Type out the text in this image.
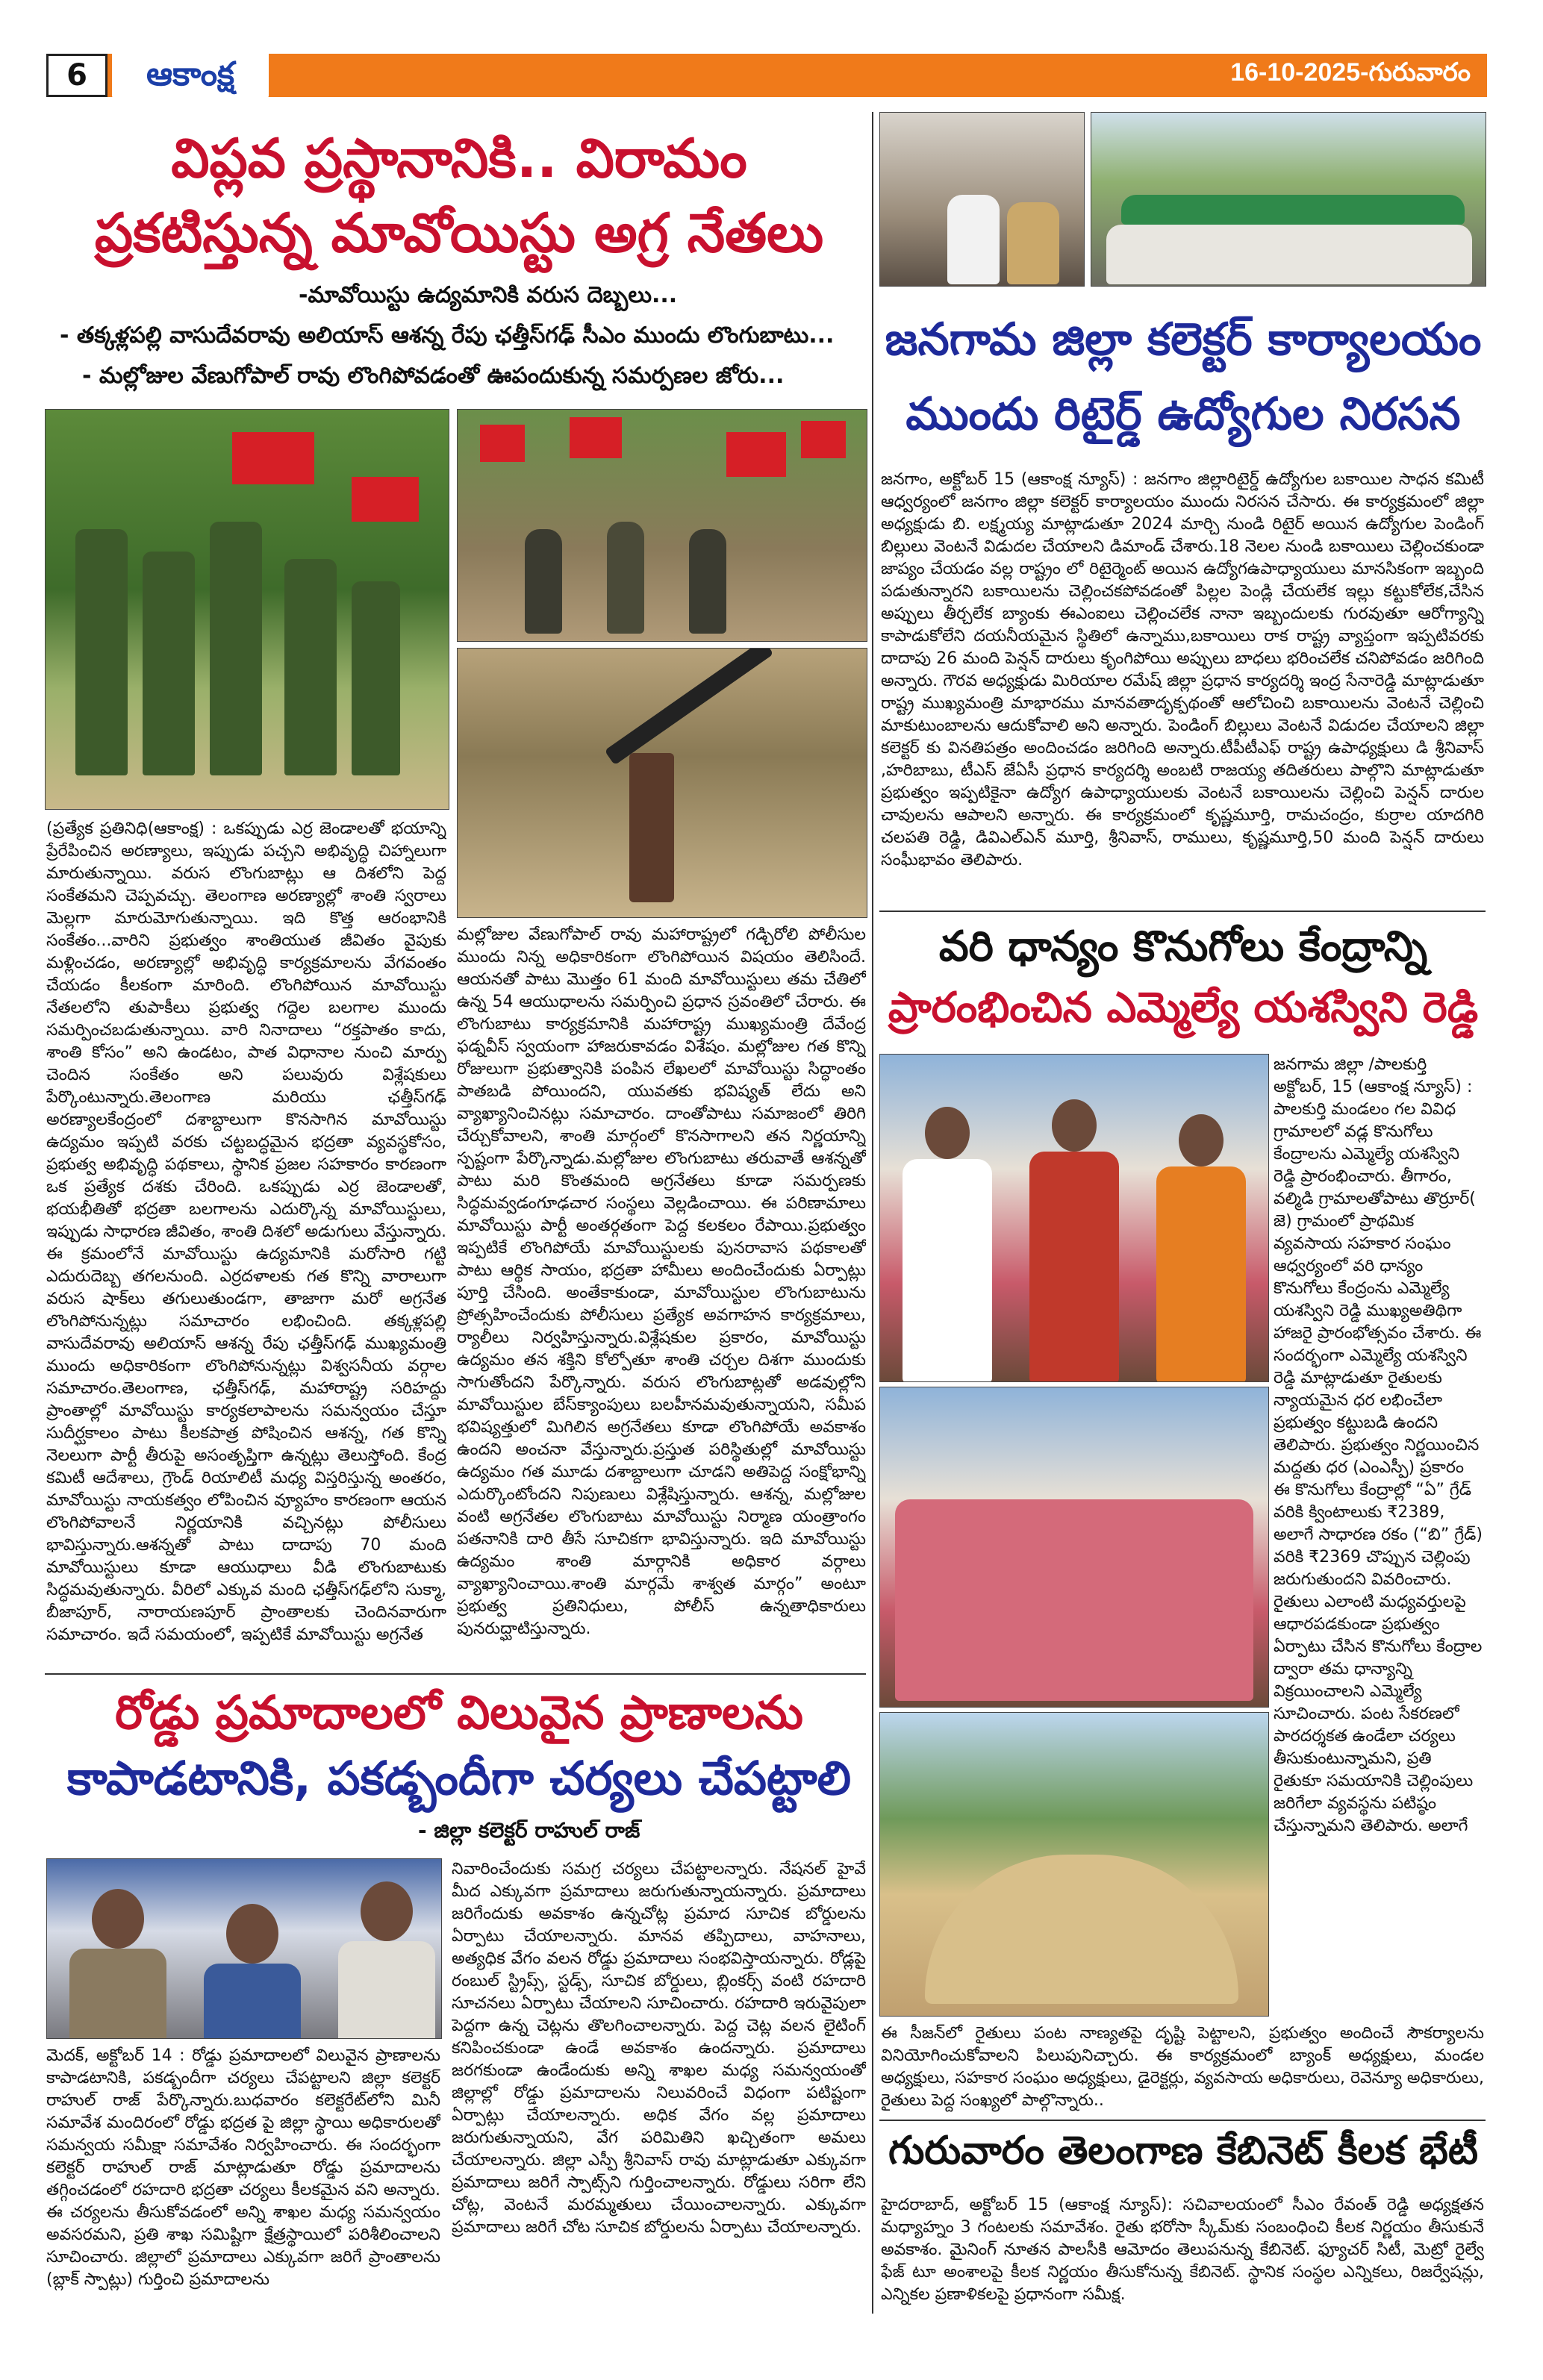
6	ఆకాంక్ష	16-10-2025-గురువారం
విప్లవ ప్రస్థానానికి.. విరామం
ప్రకటిస్తున్న మావోయిస్టు అగ్ర నేతలు
-మావోయిస్టు ఉద్యమానికి వరుస దెబ్బలు...
- తక్కళ్లపల్లి వాసుదేవరావు అలియాస్ ఆశన్న రేపు ఛత్తీస్‌గఢ్ సీఎం ముందు లొంగుబాటు...
- మల్లోజుల వేణుగోపాల్ రావు లొంగిపోవడంతో ఊపందుకున్న సమర్పణల జోరు...
(ప్రత్యేక ప్రతినిధి(ఆకాంక్ష) : ఒకప్పుడు ఎర్ర జెండాలతో భయాన్ని ప్రేరేపించిన అరణ్యాలు, ఇప్పుడు పచ్చని అభివృద్ధి చిహ్నాలుగా మారుతున్నాయి. వరుస లొంగుబాట్లు ఆ దిశలోని పెద్ద సంకేతమని చెప్పవచ్చు. తెలంగాణ అరణ్యాల్లో శాంతి స్వరాలు మెల్లగా మారుమోగుతున్నాయి. ఇది కొత్త ఆరంభానికి సంకేతం...వారిని ప్రభుత్వం శాంతియుత జీవితం వైపుకు మళ్లించడం, అరణ్యాల్లో అభివృద్ధి కార్యక్రమాలను వేగవంతం చేయడం కీలకంగా మారింది. లొంగిపోయిన మావోయిస్టు నేతలలోని తుపాకీలు ప్రభుత్వ గద్దెల బలగాల ముందు సమర్పించబడుతున్నాయి. వారి నినాదాలు “రక్తపాతం కాదు, శాంతి కోసం” అని ఉండటం, పాత విధానాల నుంచి మార్పు చెందిన సంకేతం అని పలువురు విశ్లేషకులు పేర్కొంటున్నారు.తెలంగాణ మరియు ఛత్తీస్‌గఢ్ అరణ్యాలకేంద్రంలో దశాబ్దాలుగా కొనసాగిన మావోయిస్టు ఉద్యమం ఇప్పటి వరకు చట్టబద్ధమైన భద్రతా వ్యవస్థకోసం, ప్రభుత్వ అభివృద్ధి పథకాలు, స్థానిక ప్రజల సహకారం కారణంగా ఒక ప్రత్యేక దశకు చేరింది. ఒకప్పుడు ఎర్ర జెండాలతో, భయభీతితో భద్రతా బలగాలను ఎదుర్కొన్న మావోయిస్టులు, ఇప్పుడు సాధారణ జీవితం, శాంతి దిశలో అడుగులు వేస్తున్నారు. ఈ క్రమంలోనే మావోయిస్టు ఉద్యమానికి మరోసారి గట్టి ఎదురుదెబ్బ తగలనుంది. ఎర్రదళాలకు గత కొన్ని వారాలుగా వరుస షాక్‌లు తగులుతుండగా, తాజాగా మరో అగ్రనేత లొంగిపోనున్నట్లు సమాచారం లభించింది. తక్కళ్లపల్లి వాసుదేవరావు అలియాస్ ఆశన్న రేపు ఛత్తీస్‌గఢ్ ముఖ్యమంత్రి ముందు అధికారికంగా లొంగిపోనున్నట్లు విశ్వసనీయ వర్గాల సమాచారం.తెలంగాణ, ఛత్తీస్‌గఢ్, మహారాష్ట్ర సరిహద్దు ప్రాంతాల్లో మావోయిస్టు కార్యకలాపాలను సమన్వయం చేస్తూ సుదీర్ఘకాలం పాటు కీలకపాత్ర పోషించిన ఆశన్న, గత కొన్ని నెలలుగా పార్టీ తీరుపై అసంతృప్తిగా ఉన్నట్లు తెలుస్తోంది. కేంద్ర కమిటీ ఆదేశాలు, గ్రౌండ్ రియాలిటీ మధ్య విస్తరిస్తున్న అంతరం, మావోయిస్టు నాయకత్వం లోపించిన వ్యూహం కారణంగా ఆయన లొంగిపోవాలనే నిర్ణయానికి వచ్చినట్లు పోలీసులు భావిస్తున్నారు.ఆశన్నతో పాటు దాదాపు 70 మంది మావోయిస్టులు కూడా ఆయుధాలు వీడి లొంగుబాటుకు సిద్ధమవుతున్నారు. వీరిలో ఎక్కువ మంది ఛత్తీస్‌గఢ్‌లోని సుక్మా, బీజాపూర్, నారాయణపూర్ ప్రాంతాలకు చెందినవారుగా సమాచారం. ఇదే సమయంలో, ఇప్పటికే మావోయిస్టు అగ్రనేత
మల్లోజుల వేణుగోపాల్ రావు మహారాష్ట్రలో గడ్చిరోలి పోలీసుల ముందు నిన్న అధికారికంగా లొంగిపోయిన విషయం తెలిసిందే. ఆయనతో పాటు మొత్తం 61 మంది మావోయిస్టులు తమ చేతిలో ఉన్న 54 ఆయుధాలను సమర్పించి ప్రధాన స్రవంతిలో చేరారు. ఈ లొంగుబాటు కార్యక్రమానికి మహారాష్ట్ర ముఖ్యమంత్రి దేవేంద్ర ఫడ్నవీస్ స్వయంగా హాజరుకావడం విశేషం. మల్లోజుల గత కొన్ని రోజులుగా ప్రభుత్వానికి పంపిన లేఖలలో మావోయిస్టు సిద్ధాంతం పాతబడి పోయిందని, యువతకు భవిష్యత్ లేదు అని వ్యాఖ్యానించినట్లు సమాచారం. దాంతోపాటు సమాజంలో తిరిగి చేర్చుకోవాలని, శాంతి మార్గంలో కొనసాగాలని తన నిర్ణయాన్ని స్పష్టంగా పేర్కొన్నాడు.మల్లోజుల లొంగుబాటు తరువాతే ఆశన్నతో పాటు మరి కొంతమంది అగ్రనేతలు కూడా సమర్పణకు సిద్ధమవ్వడంగూఢచార సంస్థలు వెల్లడించాయి. ఈ పరిణామాలు మావోయిస్టు పార్టీ అంతర్గతంగా పెద్ద కలకలం రేపాయి.ప్రభుత్వం ఇప్పటికే లొంగిపోయే మావోయిస్టులకు పునరావాస పథకాలతో పాటు ఆర్థిక సాయం, భద్రతా హామీలు అందించేందుకు ఏర్పాట్లు పూర్తి చేసింది. అంతేకాకుండా, మావోయిస్టుల లొంగుబాటును ప్రోత్సహించేందుకు పోలీసులు ప్రత్యేక అవగాహన కార్యక్రమాలు, ర్యాలీలు నిర్వహిస్తున్నారు.విశ్లేషకుల ప్రకారం, మావోయిస్టు ఉద్యమం తన శక్తిని కోల్పోతూ శాంతి చర్చల దిశగా ముందుకు సాగుతోందని పేర్కొన్నారు. వరుస లొంగుబాట్లతో అడవుల్లోని మావోయిస్టుల బేస్‌క్యాంపులు బలహీనమవుతున్నాయని, సమీప భవిష్యత్తులో మిగిలిన అగ్రనేతలు కూడా లొంగిపోయే అవకాశం ఉందని అంచనా వేస్తున్నారు.ప్రస్తుత పరిస్థితుల్లో మావోయిస్టు ఉద్యమం గత మూడు దశాబ్దాలుగా చూడని అతిపెద్ద సంక్షోభాన్ని ఎదుర్కొంటోందని నిపుణులు విశ్లేషిస్తున్నారు. ఆశన్న, మల్లోజుల వంటి అగ్రనేతల లొంగుబాటు మావోయిస్టు నిర్మాణ యంత్రాంగం పతనానికి దారి తీసే సూచికగా భావిస్తున్నారు. ఇది మావోయిస్టు ఉద్యమం శాంతి మార్గానికి అధికార వర్గాలు వ్యాఖ్యానించాయి.శాంతి మార్గమే శాశ్వత మార్గం” అంటూ ప్రభుత్వ ప్రతినిధులు, పోలీస్ ఉన్నతాధికారులు పునరుద్ఘాటిస్తున్నారు.
రోడ్డు ప్రమాదాలలో విలువైన ప్రాణాలను
కాపాడటానికి, పకడ్బందీగా చర్యలు చేపట్టాలి
- జిల్లా కలెక్టర్ రాహుల్ రాజ్
మెదక్, అక్టోబర్ 14 : రోడ్డు ప్రమాదాలలో విలువైన ప్రాణాలను కాపాడటానికి, పకడ్బందీగా చర్యలు చేపట్టాలని జిల్లా కలెక్టర్ రాహుల్ రాజ్ పేర్కొన్నారు.బుధవారం కలెక్టరేట్‌లోని మినీ సమావేశ మందిరంలో రోడ్డు భద్రత పై జిల్లా స్థాయి అధికారులతో సమన్వయ సమీక్షా సమావేశం నిర్వహించారు. ఈ సందర్భంగా కలెక్టర్ రాహుల్ రాజ్ మాట్లాడుతూ రోడ్డు ప్రమాదాలను తగ్గించడంలో రహదారి భద్రతా చర్యలు కీలకమైన వని అన్నారు. ఈ చర్యలను తీసుకోవడంలో అన్ని శాఖల మధ్య సమన్వయం అవసరమని, ప్రతి శాఖ సమిష్టిగా క్షేత్రస్థాయిలో పరిశీలించాలని సూచించారు. జిల్లాలో ప్రమాదాలు ఎక్కువగా జరిగే ప్రాంతాలను (బ్లాక్ స్పాట్లు) గుర్తించి ప్రమాదాలను
నివారించేందుకు సమగ్ర చర్యలు చేపట్టాలన్నారు. నేషనల్ హైవే మీద ఎక్కువగా ప్రమాదాలు జరుగుతున్నాయన్నారు. ప్రమాదాలు జరిగేందుకు అవకాశం ఉన్నచోట్ల ప్రమాద సూచిక బోర్డులను ఏర్పాటు చేయాలన్నారు. మానవ తప్పిదాలు, వాహనాలు, అత్యధిక వేగం వలన రోడ్డు ప్రమాదాలు సంభవిస్తాయన్నారు. రోడ్లపై రంబుల్ స్ట్రిప్స్, స్టడ్స్, సూచిక బోర్డులు, బ్లింకర్స్ వంటి రహదారి సూచనలు ఏర్పాటు చేయాలని సూచించారు. రహదారి ఇరువైపులా పెద్దగా ఉన్న చెట్లను తొలగించాలన్నారు. పెద్ద చెట్ల వలన లైటింగ్ కనిపించకుండా ఉండే అవకాశం ఉందన్నారు. ప్రమాదాలు జరగకుండా ఉండేందుకు అన్ని శాఖల మధ్య సమన్వయంతో జిల్లాల్లో రోడ్డు ప్రమాదాలను నిలువరించే విధంగా పటిష్టంగా ఏర్పాట్లు చేయాలన్నారు. అధిక వేగం వల్ల ప్రమాదాలు జరుగుతున్నాయని, వేగ పరిమితిని ఖచ్చితంగా అమలు చేయాలన్నారు. జిల్లా ఎస్పీ శ్రీనివాస్ రావు మాట్లాడుతూ ఎక్కువగా ప్రమాదాలు జరిగే స్పాట్స్‌ని గుర్తించాలన్నారు. రోడ్డులు సరిగా లేని చోట్ల, వెంటనే మరమ్మతులు చేయించాలన్నారు. ఎక్కువగా ప్రమాదాలు జరిగే చోట సూచిక బోర్డులను ఏర్పాటు చేయాలన్నారు.
జనగామ జిల్లా కలెక్టర్ కార్యాలయం
ముందు రిటైర్డ్ ఉద్యోగుల నిరసన
జనగాం, అక్టోబర్ 15 (ఆకాంక్ష న్యూస్) : జనగాం జిల్లారిటైర్డ్ ఉద్యోగుల బకాయిల సాధన కమిటీ ఆధ్వర్యంలో జనగాం జిల్లా కలెక్టర్ కార్యాలయం ముందు నిరసన చేసారు. ఈ కార్యక్రమంలో జిల్లా అధ్యక్షుడు బి. లక్ష్మయ్య మాట్లాడుతూ 2024 మార్చి నుండి రిటైర్ అయిన ఉద్యోగుల పెండింగ్ బిల్లులు వెంటనే విడుదల చేయాలని డిమాండ్ చేశారు.18 నెలల నుండి బకాయిలు చెల్లించకుండా జాప్యం చేయడం వల్ల రాష్ట్రం లో రిటైర్మెంట్ అయిన ఉద్యోగఉపాధ్యాయులు మానసికంగా ఇబ్బంది పడుతున్నారని బకాయిలను చెల్లించకపోవడంతో పిల్లల పెండ్లి చేయలేక ఇల్లు కట్టుకోలేక,చేసిన అప్పులు తీర్చలేక బ్యాంకు ఈఎంఐలు చెల్లించలేక నానా ఇబ్బందులకు గురవుతూ ఆరోగ్యాన్ని కాపాడుకోలేని దయనీయమైన స్థితిలో ఉన్నాము,బకాయిలు రాక రాష్ట్ర వ్యాప్తంగా ఇప్పటివరకు దాదాపు 26 మంది పెన్షన్ దారులు కృంగిపోయి అప్పులు బాధలు భరించలేక చనిపోవడం జరిగింది అన్నారు. గౌరవ అధ్యక్షుడు మిరియాల రమేష్ జిల్లా ప్రధాన కార్యదర్శి ఇంద్ర సేనారెడ్డి మాట్లాడుతూ రాష్ట్ర ముఖ్యమంత్రి మాభారము మానవతాదృక్పథంతో ఆలోచించి బకాయిలను వెంటనే చెల్లించి మాకుటుంబాలను ఆదుకోవాలి అని అన్నారు. పెండింగ్ బిల్లులు వెంటనే విడుదల చేయాలని జిల్లా కలెక్టర్ కు వినతిపత్రం అందించడం జరిగింది అన్నారు.టీపీటీఎఫ్ రాష్ట్ర ఉపాధ్యక్షులు డి శ్రీనివాస్ ,హరిబాబు, టీఎస్ జేఏసీ ప్రధాన కార్యదర్శి అంబటి రాజయ్య తదితరులు పాల్గొని మాట్లాడుతూ ప్రభుత్వం ఇప్పటికైనా ఉద్యోగ ఉపాధ్యాయులకు వెంటనే బకాయిలను చెల్లించి పెన్షన్ దారుల చావులను ఆపాలని అన్నారు. ఈ కార్యక్రమంలో కృష్ణమూర్తి, రామచంద్రం, కుర్రాల యాదగిరి చలపతి రెడ్డి, డివిఎల్ఎన్ మూర్తి, శ్రీనివాస్, రాములు, కృష్ణమూర్తి,50 మంది పెన్షన్ దారులు సంఘీభావం తెలిపారు.
వరి ధాన్యం కొనుగోలు కేంద్రాన్ని
ప్రారంభించిన ఎమ్మెల్యే యశస్విని రెడ్డి
జనగామ జిల్లా /పాలకుర్తి అక్టోబర్, 15 (ఆకాంక్ష న్యూస్) : పాలకుర్తి మండలం గల వివిధ గ్రామాలలో వడ్ల కొనుగోలు కేంద్రాలను ఎమ్మెల్యే యశస్విని రెడ్డి ప్రారంభించారు. తీగారం, వల్మిడి గ్రామాలతోపాటు తొర్రూర్( జె) గ్రామంలో ప్రాథమిక వ్యవసాయ సహకార సంఘం ఆధ్వర్యంలో వరి ధాన్యం కొనుగోలు కేంద్రంను ఎమ్మెల్యే యశస్విని రెడ్డి ముఖ్యఅతిథిగా హాజరై ప్రారంభోత్సవం చేశారు. ఈ సందర్భంగా ఎమ్మెల్యే యశస్విని రెడ్డి మాట్లాడుతూ రైతులకు న్యాయమైన ధర లభించేలా ప్రభుత్వం కట్టుబడి ఉందని తెలిపారు. ప్రభుత్వం నిర్ణయించిన మద్దతు ధర (ఎంఎస్పీ) ప్రకారం ఈ కొనుగోలు కేంద్రాల్లో “ఏ” గ్రేడ్ వరికి క్వింటాలుకు ₹2389, అలాగే సాధారణ రకం (“బి” గ్రేడ్) వరికి ₹2369 చొప్పున చెల్లింపు జరుగుతుందని వివరించారు. రైతులు ఎలాంటి మధ్యవర్తులపై ఆధారపడకుండా ప్రభుత్వం ఏర్పాటు చేసిన కొనుగోలు కేంద్రాల ద్వారా తమ ధాన్యాన్ని విక్రయించాలని ఎమ్మెల్యే సూచించారు. పంట సేకరణలో పారదర్శకత ఉండేలా చర్యలు తీసుకుంటున్నామని, ప్రతి రైతుకూ సమయానికి చెల్లింపులు జరిగేలా వ్యవస్థను పటిష్ఠం చేస్తున్నామని తెలిపారు. అలాగే
ఈ సీజన్‌లో రైతులు పంట నాణ్యతపై దృష్టి పెట్టాలని, ప్రభుత్వం అందించే సౌకర్యాలను వినియోగించుకోవాలని పిలుపునిచ్చారు. ఈ కార్యక్రమంలో బ్యాంక్ అధ్యక్షులు, మండల అధ్యక్షులు, సహకార సంఘం అధ్యక్షులు, డైరెక్టర్లు, వ్యవసాయ అధికారులు, రెవెన్యూ అధికారులు, రైతులు పెద్ద సంఖ్యలో పాల్గొన్నారు..
గురువారం తెలంగాణ కేబినెట్ కీలక భేటీ
హైదరాబాద్, అక్టోబర్ 15 (ఆకాంక్ష న్యూస్): సచివాలయంలో సీఎం రేవంత్ రెడ్డి అధ్యక్షతన మధ్యాహ్నం 3 గంటలకు సమావేశం. రైతు భరోసా స్కీమ్‌కు సంబంధించి కీలక నిర్ణయం తీసుకునే అవకాశం. మైనింగ్ నూతన పాలసీకి ఆమోదం తెలుపనున్న కేబినెట్. ఫ్యూచర్ సిటీ, మెట్రో రైల్వే ఫేజ్ టూ అంశాలపై కీలక నిర్ణయం తీసుకోనున్న కేబినెట్. స్థానిక సంస్థల ఎన్నికలు, రిజర్వేషన్లు, ఎన్నికల ప్రణాళికలపై ప్రధానంగా సమీక్ష.
